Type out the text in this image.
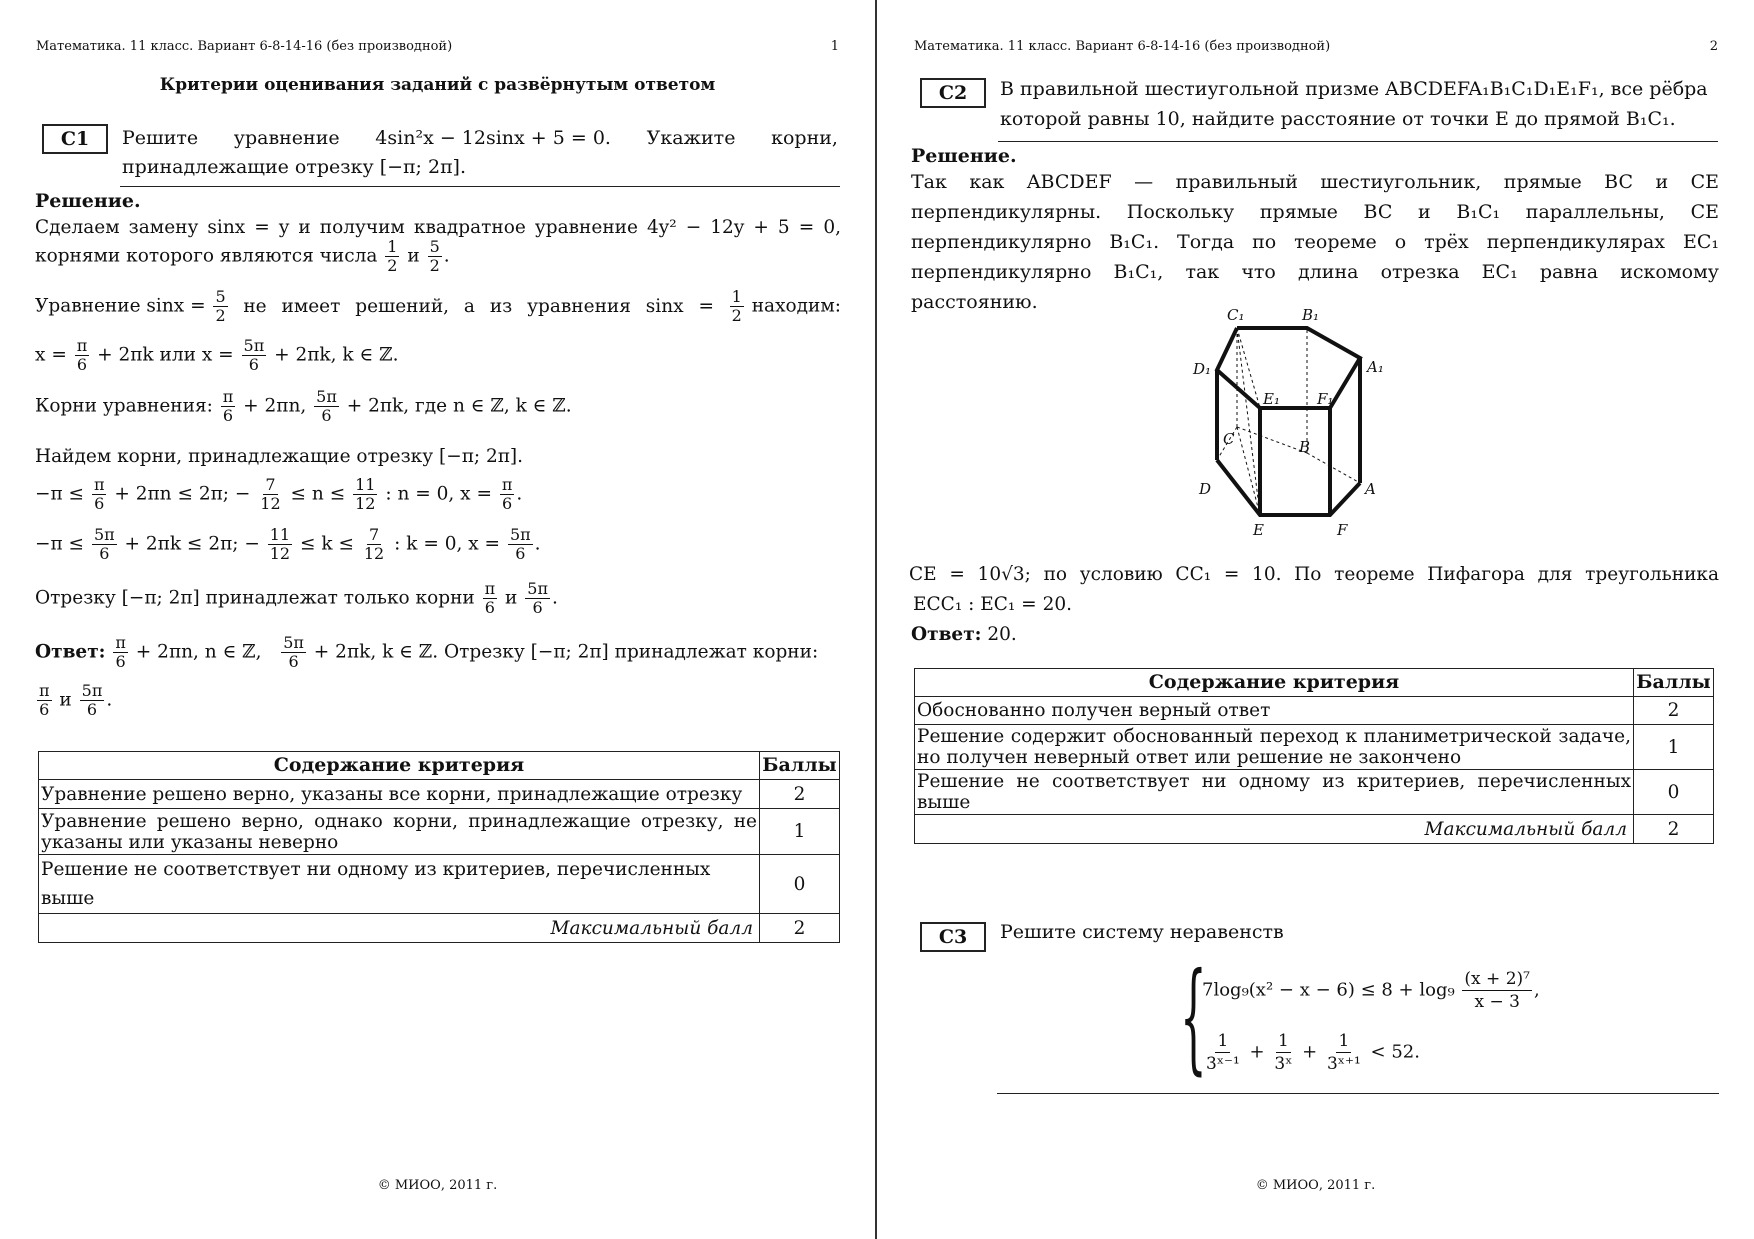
Математика. 11 класс. Вариант 6-8-14-16 (без производной)	1
Критерии оценивания заданий с развёрнутым ответом
C1	Решите уравнение 4sin²x − 12sinx + 5 = 0. Укажите корни,
принадлежащие отрезку [−π; 2π].
Решение.
Сделаем замену sinx = y и получим квадратное уравнение 4y² − 12y + 5 = 0,
корнями которого являются числа $\frac{1}{2}$ и $\frac{5}{2}$ .
Уравнение $\sin x = \frac{5}{2}$ не имеет решений, а из уравнения $\sin x = \frac{1}{2}$ находим:
$x = \frac{\pi}{6} + 2\pi k$ или $x = \frac{5\pi}{6} + 2\pi k$, k ∈ ℤ.
Корни уравнения: $\frac{\pi}{6} + 2\pi n$, $\frac{5\pi}{6} + 2\pi k$, где n ∈ ℤ, k ∈ ℤ.
Найдем корни, принадлежащие отрезку [−π; 2π].
$-\pi \le \frac{\pi}{6} + 2\pi n \le 2\pi$; − $\frac{7}{12} \le n \le \frac{11}{12}$ : n = 0, $x = \frac{\pi}{6}$ .
$-\pi \le \frac{5\pi}{6} + 2\pi k \le 2\pi$; − $\frac{11}{12} \le k \le \frac{7}{12}$ : k = 0, $x = \frac{5\pi}{6}$ .
Отрезку [−π; 2π] принадлежат только корни $\frac{\pi}{6}$ и $\frac{5\pi}{6}$ .
Ответ: $\frac{\pi}{6} + 2\pi n$, n ∈ ℤ, $\frac{5\pi}{6} + 2\pi k$, k ∈ ℤ. Отрезку [−π; 2π] принадлежат корни:
$\frac{\pi}{6}$ и $\frac{5\pi}{6}$ .
Содержание критерия	Баллы
Уравнение решено верно, указаны все корни, принадлежащие отрезку	2
Уравнение решено верно, однако корни, принадлежащие отрезку, не указаны или указаны неверно	1
Решение не соответствует ни одному из критериев, перечисленных выше	0
Максимальный балл	2
© МИОО, 2011 г.
Математика. 11 класс. Вариант 6-8-14-16 (без производной)	2
C2	В правильной шестиугольной призме ABCDEFA₁B₁C₁D₁E₁F₁, все рёбра
которой равны 10, найдите расстояние от точки E до прямой B₁C₁.
Решение.
Так как ABCDEF — правильный шестиугольник, прямые BC и CE
перпендикулярны. Поскольку прямые BC и B₁C₁ параллельны, CE
перпендикулярно B₁C₁. Тогда по теореме о трёх перпендикулярах EC₁
перпендикулярно B₁C₁, так что длина отрезка EC₁ равна искомому расстоянию.
C₁	B₁
A₁
D₁
E₁ F₁
C	B
A
D
E	F
CE = 10√3; по условию CC₁ = 10. По теореме Пифагора для треугольника
ECC₁ : EC₁ = 20.
Ответ: 20.
Содержание критерия	Баллы
Обоснованно получен верный ответ	2
Решение содержит обоснованный переход к планиметрической задаче, но получен неверный ответ или решение не закончено	1
Решение не соответствует ни одному из критериев, перечисленных выше	0
Максимальный балл	2
C3	Решите систему неравенств
{
$7\log_9(x^2 - x - 6) \le 8 + \log_9 \frac{\text{(x + 2)⁷}}{x - 3}$ ,
$\frac{1}{\text{3ˣ⁻¹}} + \frac{1}{\text{3ˣ}} + \frac{1}{\text{3ˣ⁺¹}} < 52$.
© МИОО, 2011 г.
